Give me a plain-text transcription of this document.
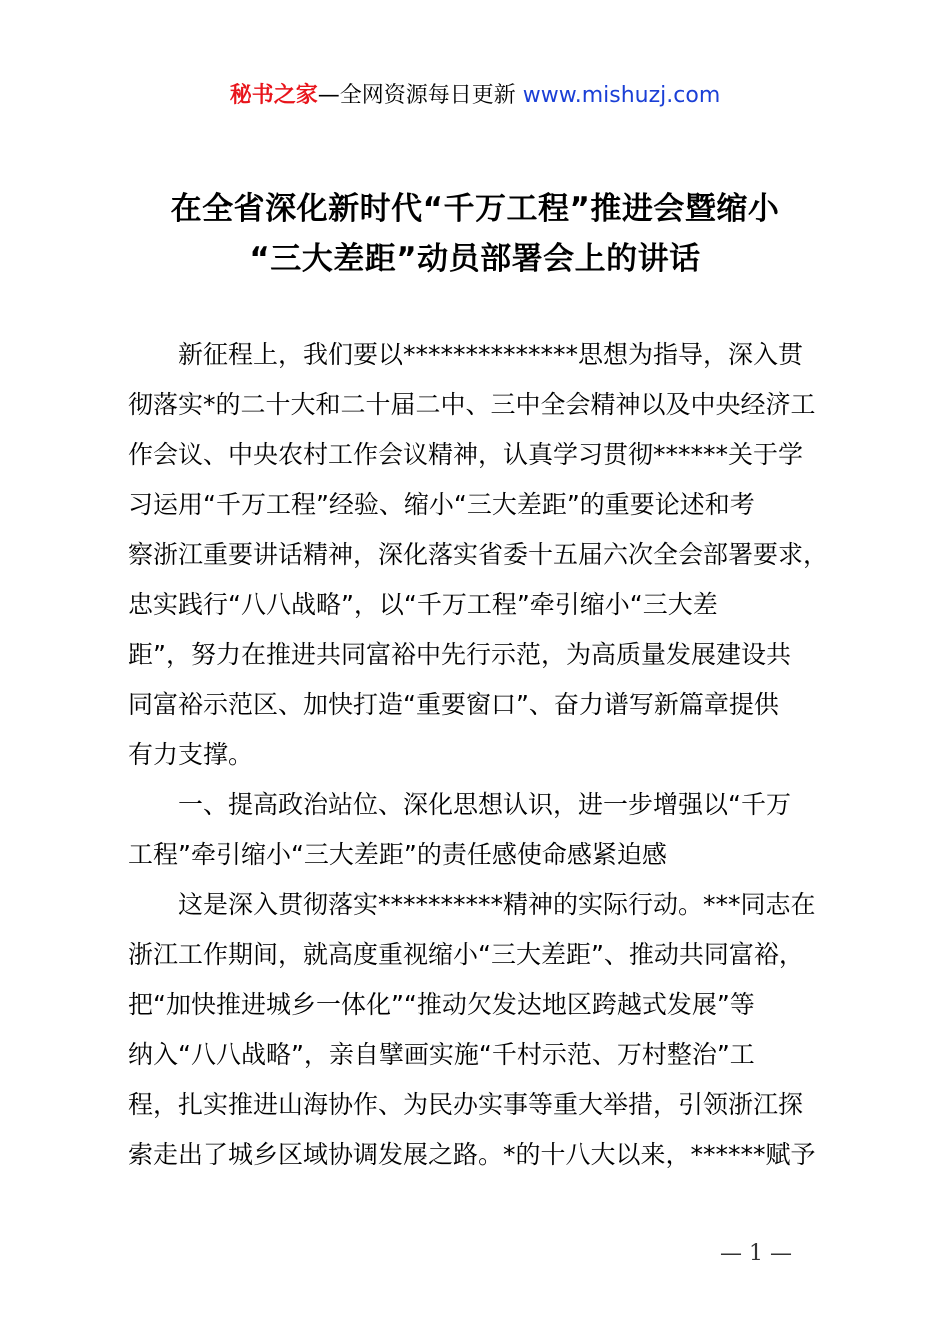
秘书之家—全网资源每日更新 www.mishuzj.com
在全省深化新时代“千万工程”推进会暨缩小
“三大差距”动员部署会上的讲话
新征程上，我们要以**************思想为指导，深入贯
彻落实*的二十大和二十届二中、三中全会精神以及中央经济工
作会议、中央农村工作会议精神，认真学习贯彻******关于学
习运用“千万工程”经验、缩小“三大差距”的重要论述和考
察浙江重要讲话精神，深化落实省委十五届六次全会部署要求，
忠实践行“八八战略”，以“千万工程”牵引缩小“三大差
距”，努力在推进共同富裕中先行示范，为高质量发展建设共
同富裕示范区、加快打造“重要窗口”、奋力谱写新篇章提供
有力支撑。
一、提高政治站位、深化思想认识，进一步增强以“千万
工程”牵引缩小“三大差距”的责任感使命感紧迫感
这是深入贯彻落实**********精神的实际行动。***同志在
浙江工作期间，就高度重视缩小“三大差距”、推动共同富裕，
把“加快推进城乡一体化”“推动欠发达地区跨越式发展”等
纳入“八八战略”，亲自擘画实施“千村示范、万村整治”工
程，扎实推进山海协作、为民办实事等重大举措，引领浙江探
索走出了城乡区域协调发展之路。*的十八大以来，******赋予
— 1 —
